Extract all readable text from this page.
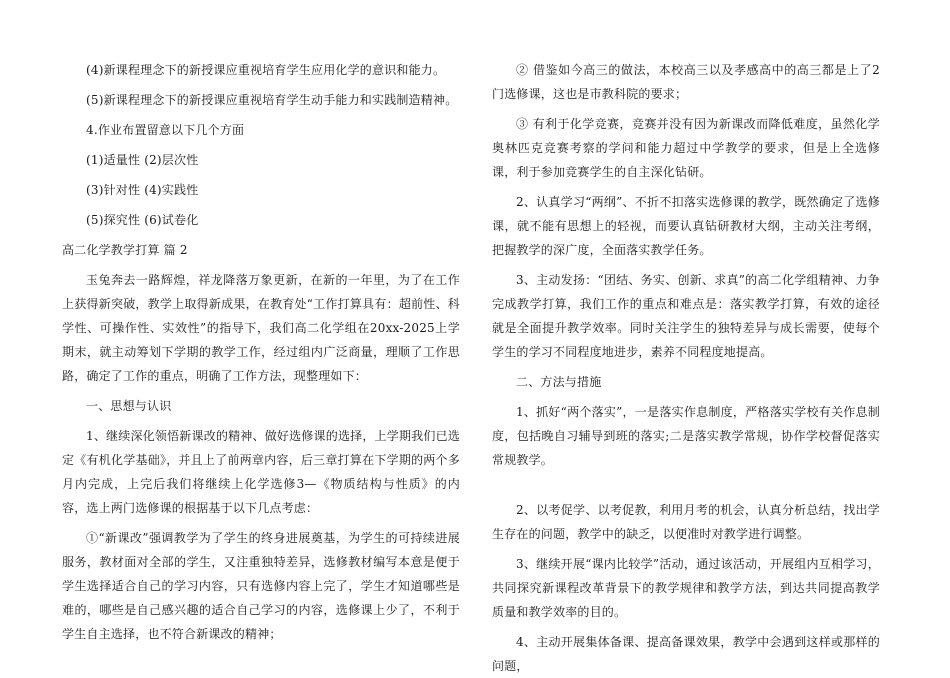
(4)新课程理念下的新授课应重视培育学生应用化学的意识和能力。

(5)新课程理念下的新授课应重视培育学生动手能力和实践制造精神。

4.作业布置留意以下几个方面

(1)适量性 (2)层次性

(3)针对性 (4)实践性

(5)探究性 (6)试卷化

高二化学教学打算 篇 2

玉兔奔去一路辉煌，祥龙降落万象更新，在新的一年里，为了在工作上获得新突破，教学上取得新成果，在教育处“工作打算具有：超前性、科学性、可操作性、实效性”的指导下，我们高二化学组在20xx-2025上学期末，就主动筹划下学期的教学工作，经过组内广泛商量，理顺了工作思路，确定了工作的重点，明确了工作方法，现整理如下：

一、思想与认识

1、继续深化领悟新课改的精神、做好选修课的选择，上学期我们已选定《有机化学基础》，并且上了前两章内容，后三章打算在下学期的两个多月内完成，上完后我们将继续上化学选修3—《物质结构与性质》的内容，选上两门选修课的根据基于以下几点考虑：

①“新课改”强调教学为了学生的终身进展奠基，为学生的可持续进展服务，教材面对全部的学生，又注重独特差异，选修教材编写本意是便于学生选择适合自己的学习内容，只有选修内容上完了，学生才知道哪些是难的，哪些是自己感兴趣的适合自己学习的内容，选修课上少了，不利于学生自主选择，也不符合新课改的精神；

② 借鉴如今高三的做法，本校高三以及孝感高中的高三都是上了2门选修课，这也是市教科院的要求；

③ 有利于化学竞赛，竞赛并没有因为新课改而降低难度，虽然化学奥林匹克竞赛考察的学问和能力超过中学教学的要求，但是上全选修课，利于参加竞赛学生的自主深化钻研。

2、认真学习“两纲”、不折不扣落实选修课的教学，既然确定了选修课，就不能有思想上的轻视，而要认真钻研教材大纲，主动关注考纲，把握教学的深广度，全面落实教学任务。

3、主动发扬：“团结、务实、创新、求真”的高二化学组精神、力争完成教学打算，我们工作的重点和难点是：落实教学打算，有效的途径就是全面提升教学效率。同时关注学生的独特差异与成长需要，使每个学生的学习不同程度地进步，素养不同程度地提高。

二、方法与措施

1、抓好“两个落实”，一是落实作息制度，严格落实学校有关作息制度，包括晚自习辅导到班的落实;二是落实教学常规，协作学校督促落实常规教学。

2、以考促学、以考促教，利用月考的机会，认真分析总结，找出学生存在的问题，教学中的缺乏，以便准时对教学进行调整。

3、继续开展“课内比较学”活动，通过该活动，开展组内互相学习，共同探究新课程改革背景下的教学规律和教学方法，到达共同提高教学质量和教学效率的目的。

4、主动开展集体备课、提高备课效果，教学中会遇到这样或那样的问题，
